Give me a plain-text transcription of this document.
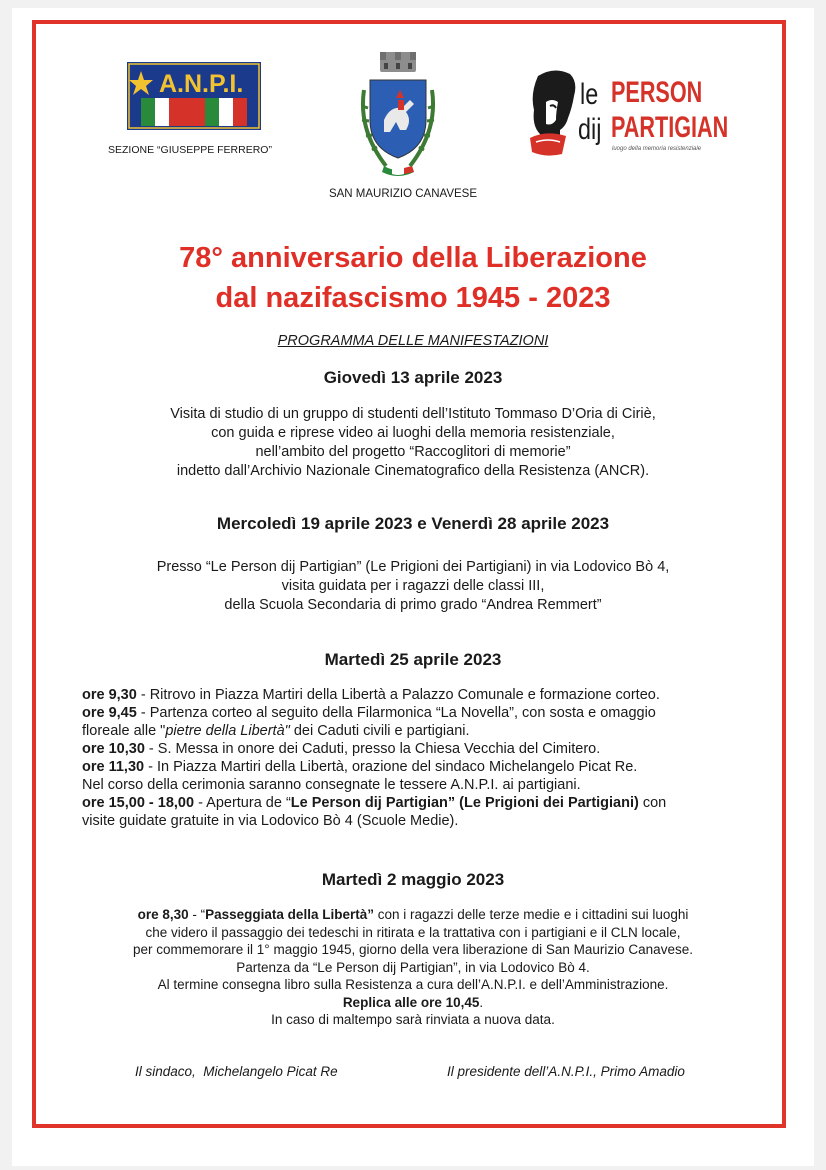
A.N.P.I.
SEZIONE “GIUSEPPE FERRERO”
SAN MAURIZIO CANAVESE
le PERSON
dij PARTIGIAN
luogo della memoria resistenziale
78° anniversario della Liberazione
dal nazifascismo 1945 - 2023
PROGRAMMA DELLE MANIFESTAZIONI
Giovedì 13 aprile 2023
Visita di studio di un gruppo di studenti dell’Istituto Tommaso D’Oria di Ciriè,
con guida e riprese video ai luoghi della memoria resistenziale,
nell’ambito del progetto “Raccoglitori di memorie”
indetto dall’Archivio Nazionale Cinematografico della Resistenza (ANCR).
Mercoledì 19 aprile 2023 e Venerdì 28 aprile 2023
Presso “Le Person dij Partigian” (Le Prigioni dei Partigiani) in via Lodovico Bò 4,
visita guidata per i ragazzi delle classi III,
della Scuola Secondaria di primo grado “Andrea Remmert”
Martedì 25 aprile 2023
ore 9,30 - Ritrovo in Piazza Martiri della Libertà a Palazzo Comunale e formazione corteo.
ore 9,45 - Partenza corteo al seguito della Filarmonica “La Novella”, con sosta e omaggio
floreale alle "pietre della Libertà" dei Caduti civili e partigiani.
ore 10,30 - S. Messa in onore dei Caduti, presso la Chiesa Vecchia del Cimitero.
ore 11,30 - In Piazza Martiri della Libertà, orazione del sindaco Michelangelo Picat Re.
Nel corso della cerimonia saranno consegnate le tessere A.N.P.I. ai partigiani.
ore 15,00 - 18,00 - Apertura de “Le Person dij Partigian” (Le Prigioni dei Partigiani) con
visite guidate gratuite in via Lodovico Bò 4 (Scuole Medie).
Martedì 2 maggio 2023
ore 8,30 - “Passeggiata della Libertà” con i ragazzi delle terze medie e i cittadini sui luoghi
che videro il passaggio dei tedeschi in ritirata e la trattativa con i partigiani e il CLN locale,
per commemorare il 1° maggio 1945, giorno della vera liberazione di San Maurizio Canavese.
Partenza da “Le Person dij Partigian”, in via Lodovico Bò 4.
Al termine consegna libro sulla Resistenza a cura dell’A.N.P.I. e dell’Amministrazione.
Replica alle ore 10,45.
In caso di maltempo sarà rinviata a nuova data.
Il sindaco,  Michelangelo Picat Re	Il presidente dell’A.N.P.I., Primo Amadio
